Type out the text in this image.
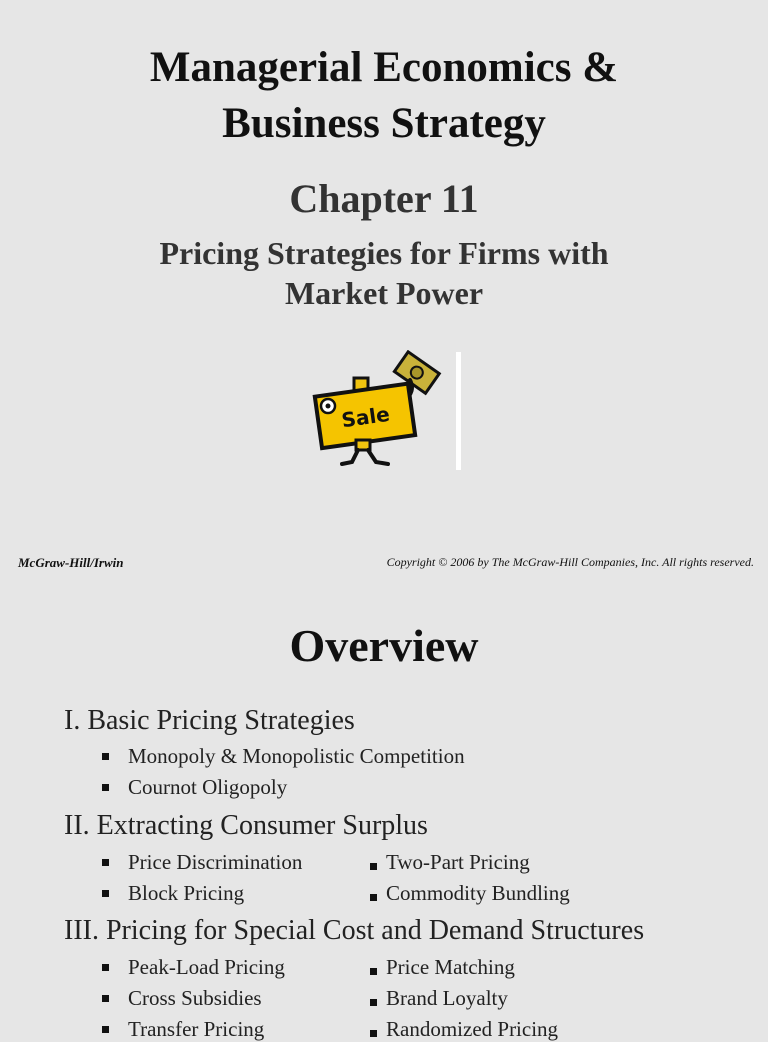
Managerial Economics &
Business Strategy
Chapter 11
Pricing Strategies for Firms with
Market Power
Sale
McGraw-Hill/Irwin	Copyright © 2006 by The McGraw-Hill Companies, Inc. All rights reserved.
Overview
I. Basic Pricing Strategies
Monopoly & Monopolistic Competition
Cournot Oligopoly
II. Extracting Consumer Surplus
Price Discrimination	Two-Part Pricing
Block Pricing	Commodity Bundling
III. Pricing for Special Cost and Demand Structures
Peak-Load Pricing	Price Matching
Cross Subsidies	Brand Loyalty
Transfer Pricing	Randomized Pricing
